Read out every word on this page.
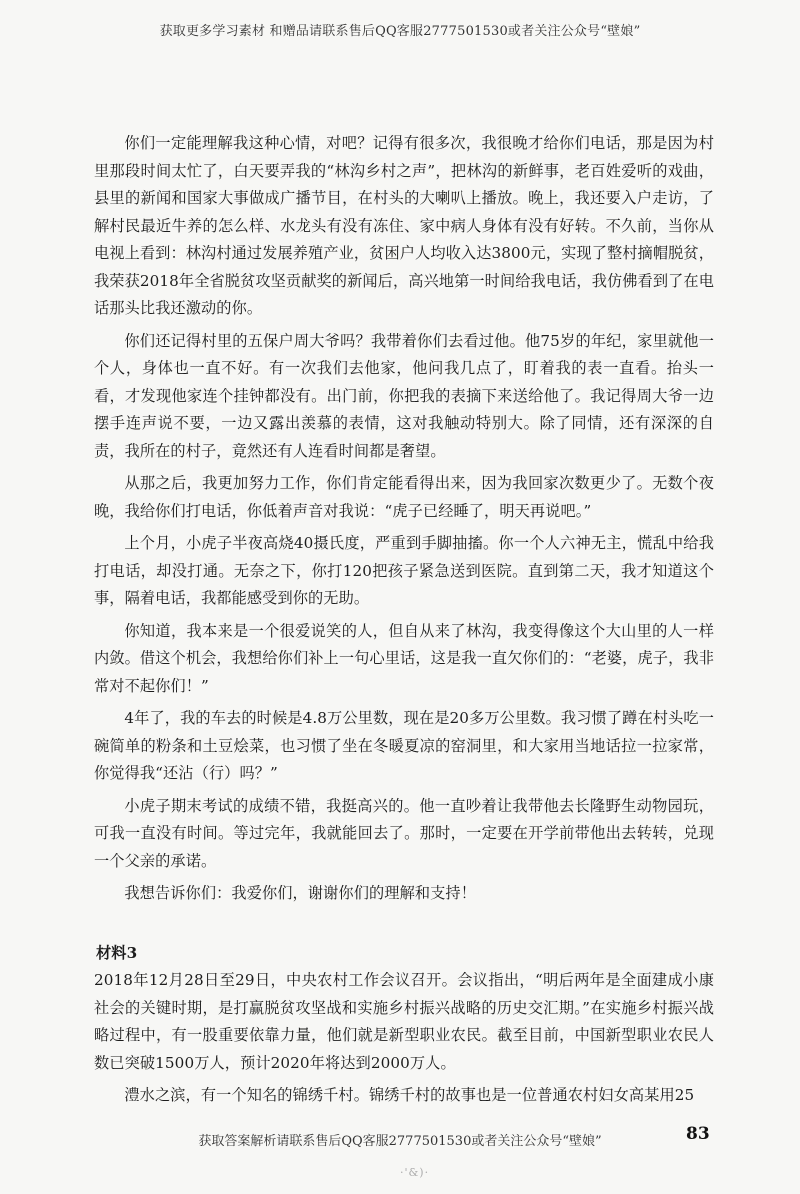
获取更多学习素材 和赠品请联系售后QQ客服2777501530或者关注公众号“壁娘”

你们一定能理解我这种心情，对吧？记得有很多次，我很晚才给你们电话，那是因为村里那段时间太忙了，白天要弄我的“林沟乡村之声”，把林沟的新鲜事，老百姓爱听的戏曲，县里的新闻和国家大事做成广播节目，在村头的大喇叭上播放。晚上，我还要入户走访，了解村民最近牛养的怎么样、水龙头有没有冻住、家中病人身体有没有好转。不久前，当你从电视上看到：林沟村通过发展养殖产业，贫困户人均收入达3800元，实现了整村摘帽脱贫，我荣获2018年全省脱贫攻坚贡献奖的新闻后，高兴地第一时间给我电话，我仿佛看到了在电话那头比我还激动的你。

你们还记得村里的五保户周大爷吗？我带着你们去看过他。他75岁的年纪，家里就他一个人，身体也一直不好。有一次我们去他家，他问我几点了，盯着我的表一直看。抬头一看，才发现他家连个挂钟都没有。出门前，你把我的表摘下来送给他了。我记得周大爷一边摆手连声说不要，一边又露出羡慕的表情，这对我触动特别大。除了同情，还有深深的自责，我所在的村子，竟然还有人连看时间都是奢望。

从那之后，我更加努力工作，你们肯定能看得出来，因为我回家次数更少了。无数个夜晚，我给你们打电话，你低着声音对我说：“虎子已经睡了，明天再说吧。”

上个月，小虎子半夜高烧40摄氏度，严重到手脚抽搐。你一个人六神无主，慌乱中给我打电话，却没打通。无奈之下，你打120把孩子紧急送到医院。直到第二天，我才知道这个事，隔着电话，我都能感受到你的无助。

你知道，我本来是一个很爱说笑的人，但自从来了林沟，我变得像这个大山里的人一样内敛。借这个机会，我想给你们补上一句心里话，这是我一直欠你们的：“老婆，虎子，我非常对不起你们！”

4年了，我的车去的时候是4.8万公里数，现在是20多万公里数。我习惯了蹲在村头吃一碗简单的粉条和土豆烩菜，也习惯了坐在冬暖夏凉的窑洞里，和大家用当地话拉一拉家常，你觉得我“还沾（行）吗？”

小虎子期末考试的成绩不错，我挺高兴的。他一直吵着让我带他去长隆野生动物园玩，可我一直没有时间。等过完年，我就能回去了。那时，一定要在开学前带他出去转转，兑现一个父亲的承诺。

我想告诉你们：我爱你们，谢谢你们的理解和支持！

材料3

2018年12月28日至29日，中央农村工作会议召开。会议指出，“明后两年是全面建成小康社会的关键时期，是打赢脱贫攻坚战和实施乡村振兴战略的历史交汇期。”在实施乡村振兴战略过程中，有一股重要依靠力量，他们就是新型职业农民。截至目前，中国新型职业农民人数已突破1500万人，预计2020年将达到2000万人。

澧水之滨，有一个知名的锦绣千村。锦绣千村的故事也是一位普通农村妇女高某用25

获取答案解析请联系售后QQ客服2777501530或者关注公众号“壁娘”	83
·'&)·
